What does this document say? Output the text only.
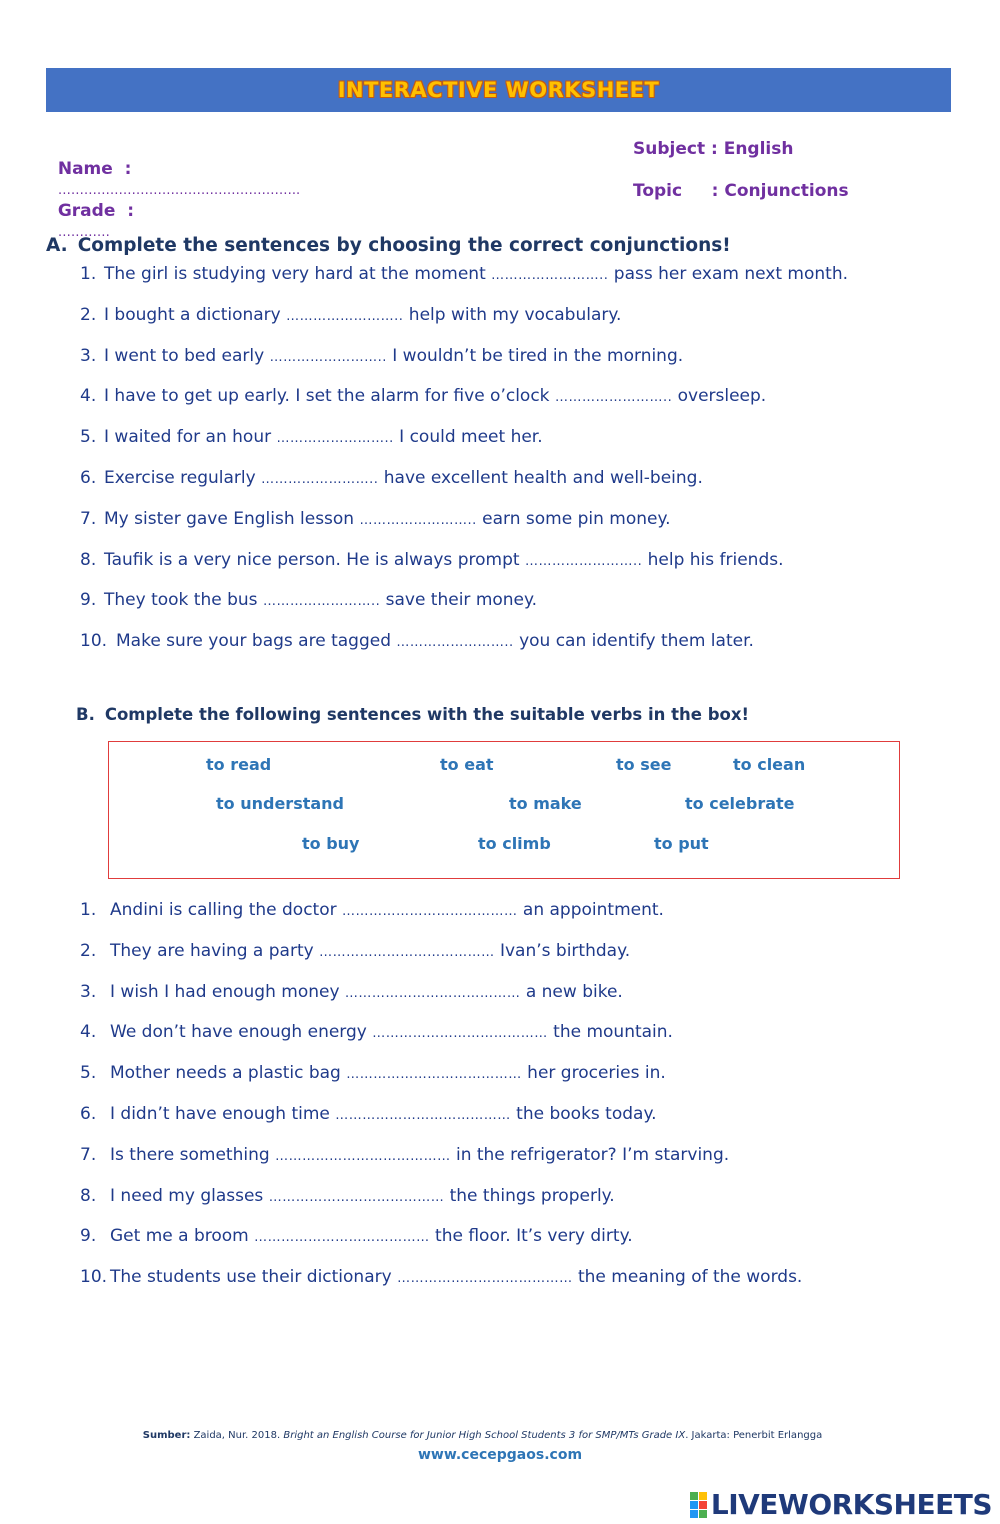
INTERACTIVE WORKSHEET

Name  :
………………………………………………..

Grade  :
…………

Subject : English
Topic     : Conjunctions
A. Complete the sentences by choosing the correct conjunctions!
1. The girl is studying very hard at the moment …………………….. pass her exam next month.
2. I bought a dictionary …………………….. help with my vocabulary.
3. I went to bed early …………………….. I wouldn’t be tired in the morning.
4. I have to get up early. I set the alarm for five o’clock …………………….. oversleep.
5. I waited for an hour …………………….. I could meet her.
6. Exercise regularly …………………….. have excellent health and well-being.
7. My sister gave English lesson …………………….. earn some pin money.
8. Taufik is a very nice person. He is always prompt …………………….. help his friends.
9. They took the bus …………………….. save their money.
10. Make sure your bags are tagged …………………….. you can identify them later.
B. Complete the following sentences with the suitable verbs in the box!
to read	to eat	to see	to clean
to understand	to make	to celebrate
to buy	to climb	to put
1. Andini is calling the doctor ………………………………… an appointment.
2. They are having a party ………………………………… Ivan’s birthday.
3. I wish I had enough money ………………………………… a new bike.
4. We don’t have enough energy ………………………………… the mountain.
5. Mother needs a plastic bag ………………………………… her groceries in.
6. I didn’t have enough time ………………………………… the books today.
7. Is there something ………………………………… in the refrigerator? I’m starving.
8. I need my glasses ………………………………… the things properly.
9. Get me a broom ………………………………… the floor. It’s very dirty.
10. The students use their dictionary ………………………………… the meaning of the words.
Sumber: Zaida, Nur. 2018. Bright an English Course for Junior High School Students 3 for SMP/MTs Grade IX. Jakarta: Penerbit Erlangga
www.cecepgaos.com
LIVEWORKSHEETS
